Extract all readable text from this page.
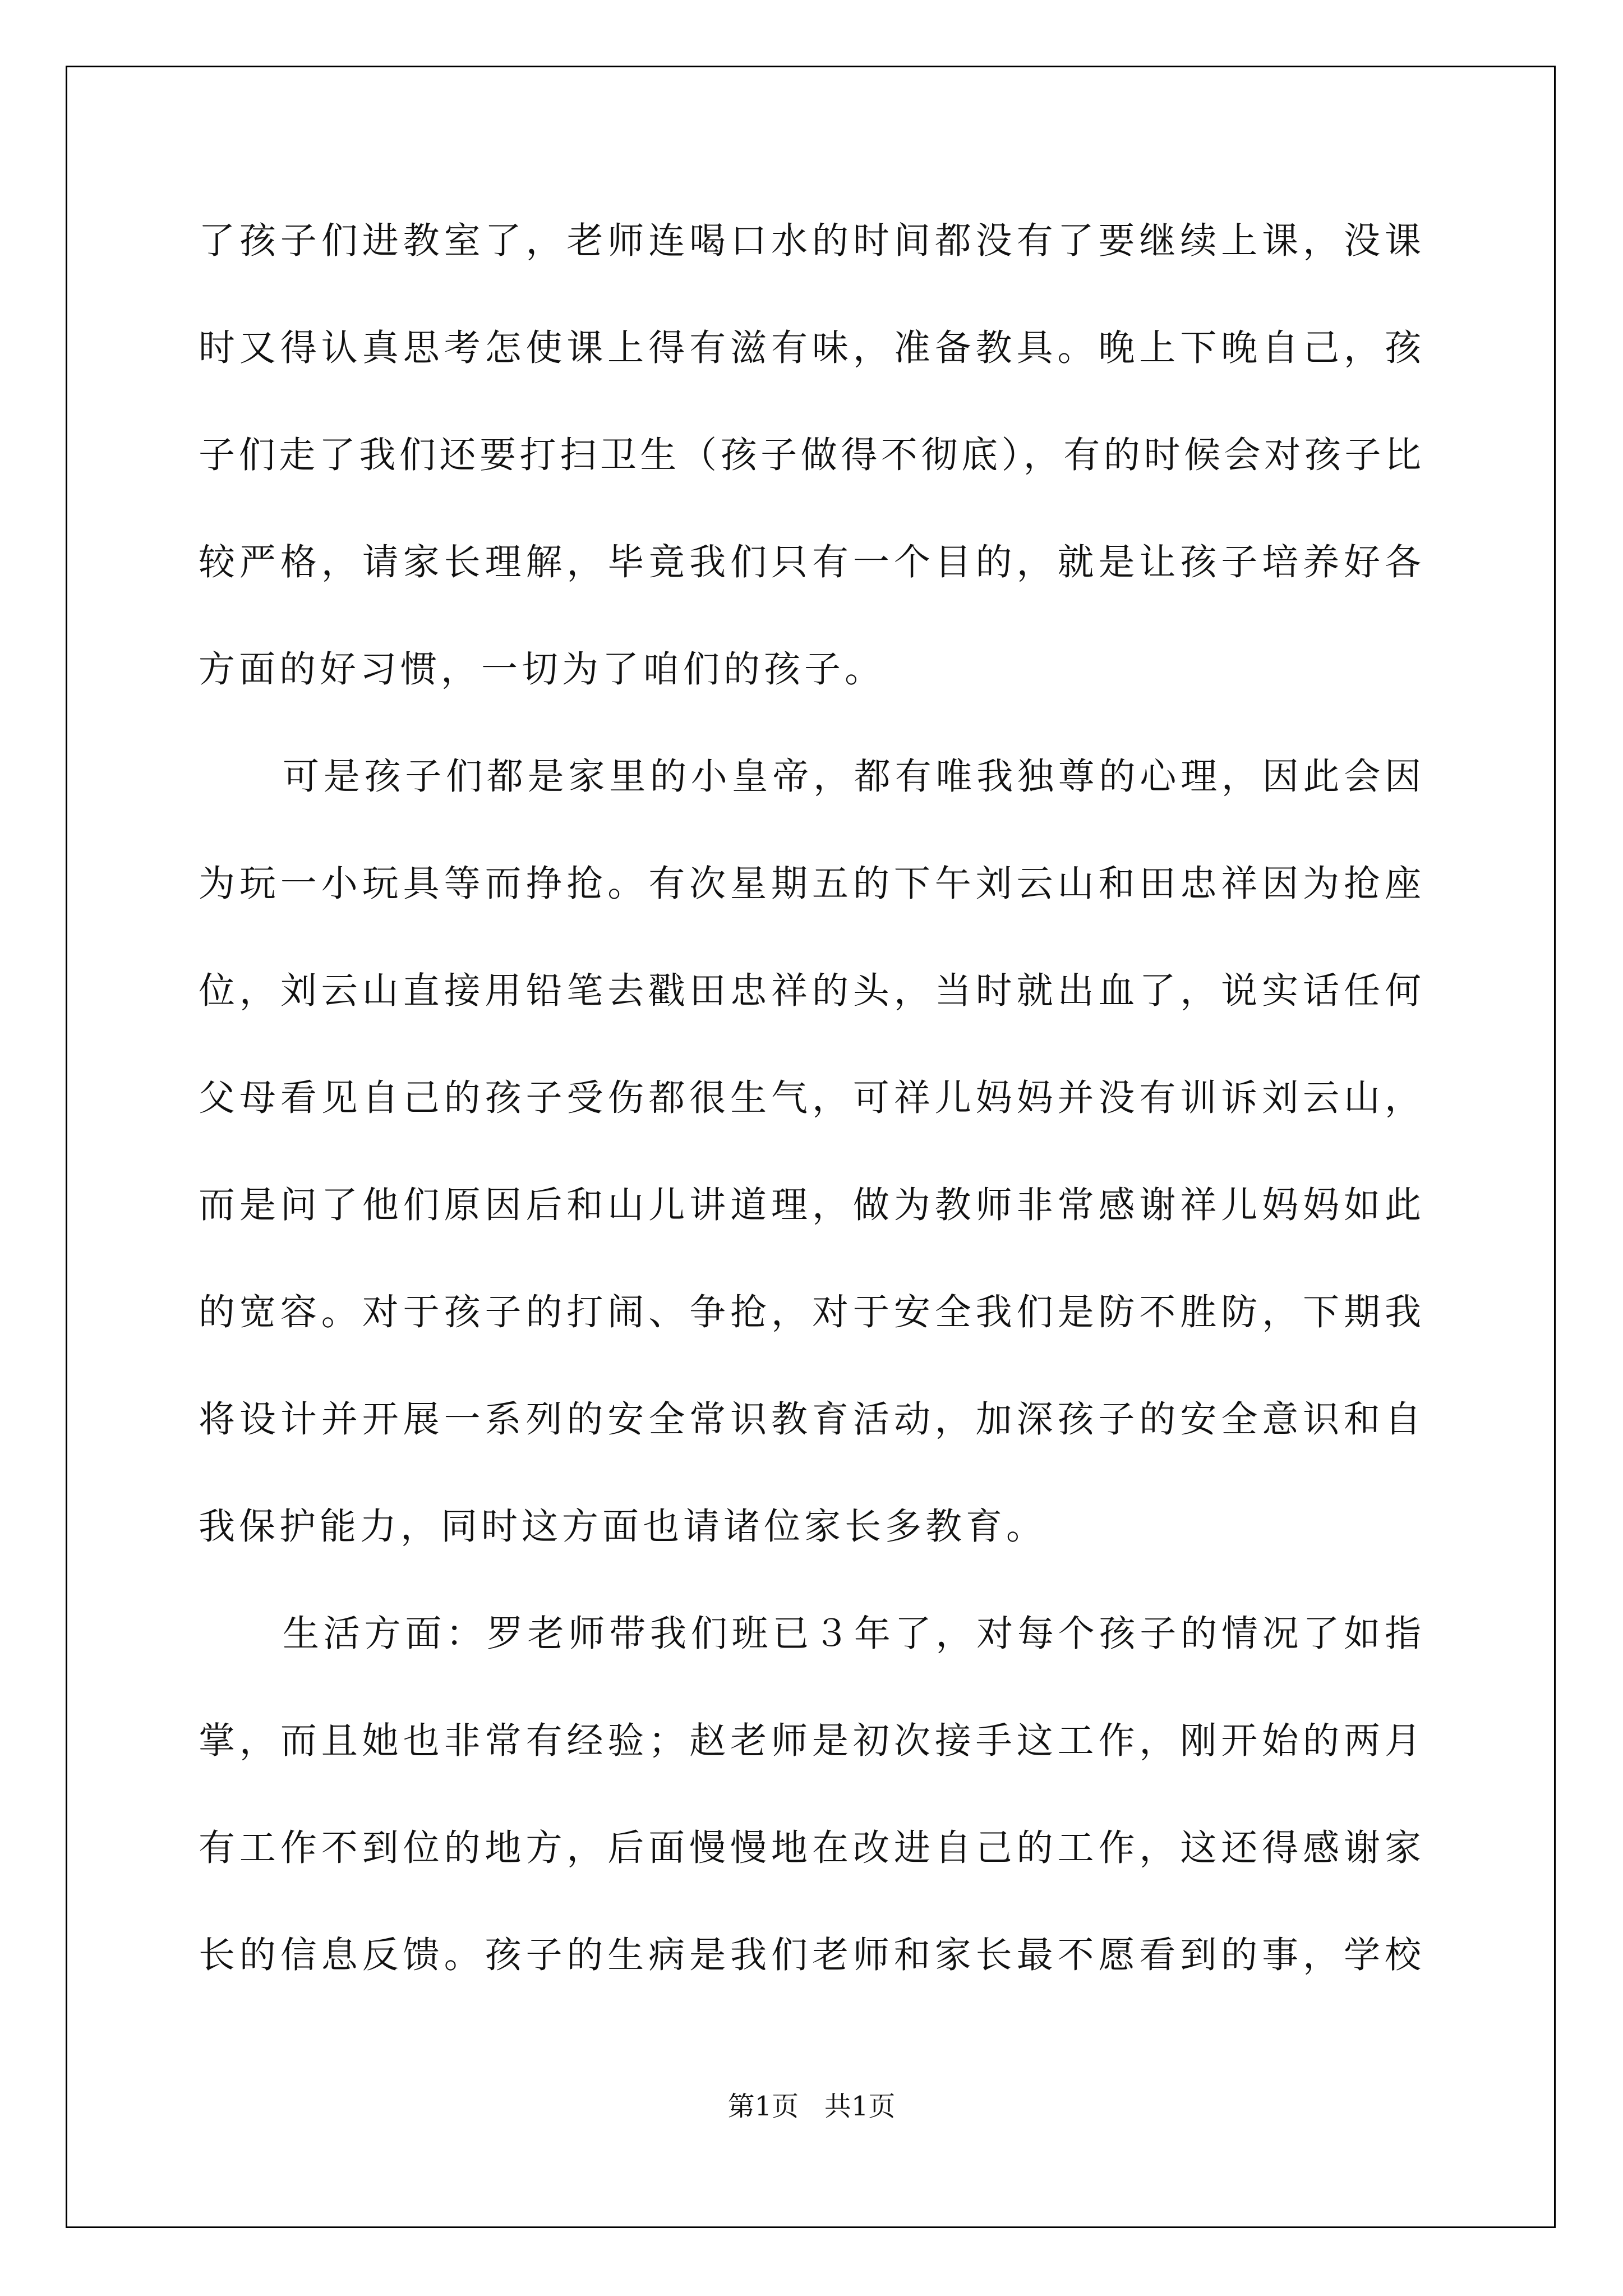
了孩子们进教室了，老师连喝口水的时间都没有了要继续上课，没课
时又得认真思考怎使课上得有滋有味，准备教具。晚上下晚自己，孩
子们走了我们还要打扫卫生（孩子做得不彻底），有的时候会对孩子比
较严格，请家长理解，毕竟我们只有一个目的，就是让孩子培养好各
方面的好习惯，一切为了咱们的孩子。
可是孩子们都是家里的小皇帝，都有唯我独尊的心理，因此会因
为玩一小玩具等而挣抢。有次星期五的下午刘云山和田忠祥因为抢座
位，刘云山直接用铅笔去戳田忠祥的头，当时就出血了，说实话任何
父母看见自己的孩子受伤都很生气，可祥儿妈妈并没有训诉刘云山，
而是问了他们原因后和山儿讲道理，做为教师非常感谢祥儿妈妈如此
的宽容。对于孩子的打闹、争抢，对于安全我们是防不胜防，下期我
将设计并开展一系列的安全常识教育活动，加深孩子的安全意识和自
我保护能力，同时这方面也请诸位家长多教育。
生活方面：罗老师带我们班已３年了，对每个孩子的情况了如指
掌，而且她也非常有经验；赵老师是初次接手这工作，刚开始的两月
有工作不到位的地方，后面慢慢地在改进自己的工作，这还得感谢家
长的信息反馈。孩子的生病是我们老师和家长最不愿看到的事，学校
第1页 共1页
